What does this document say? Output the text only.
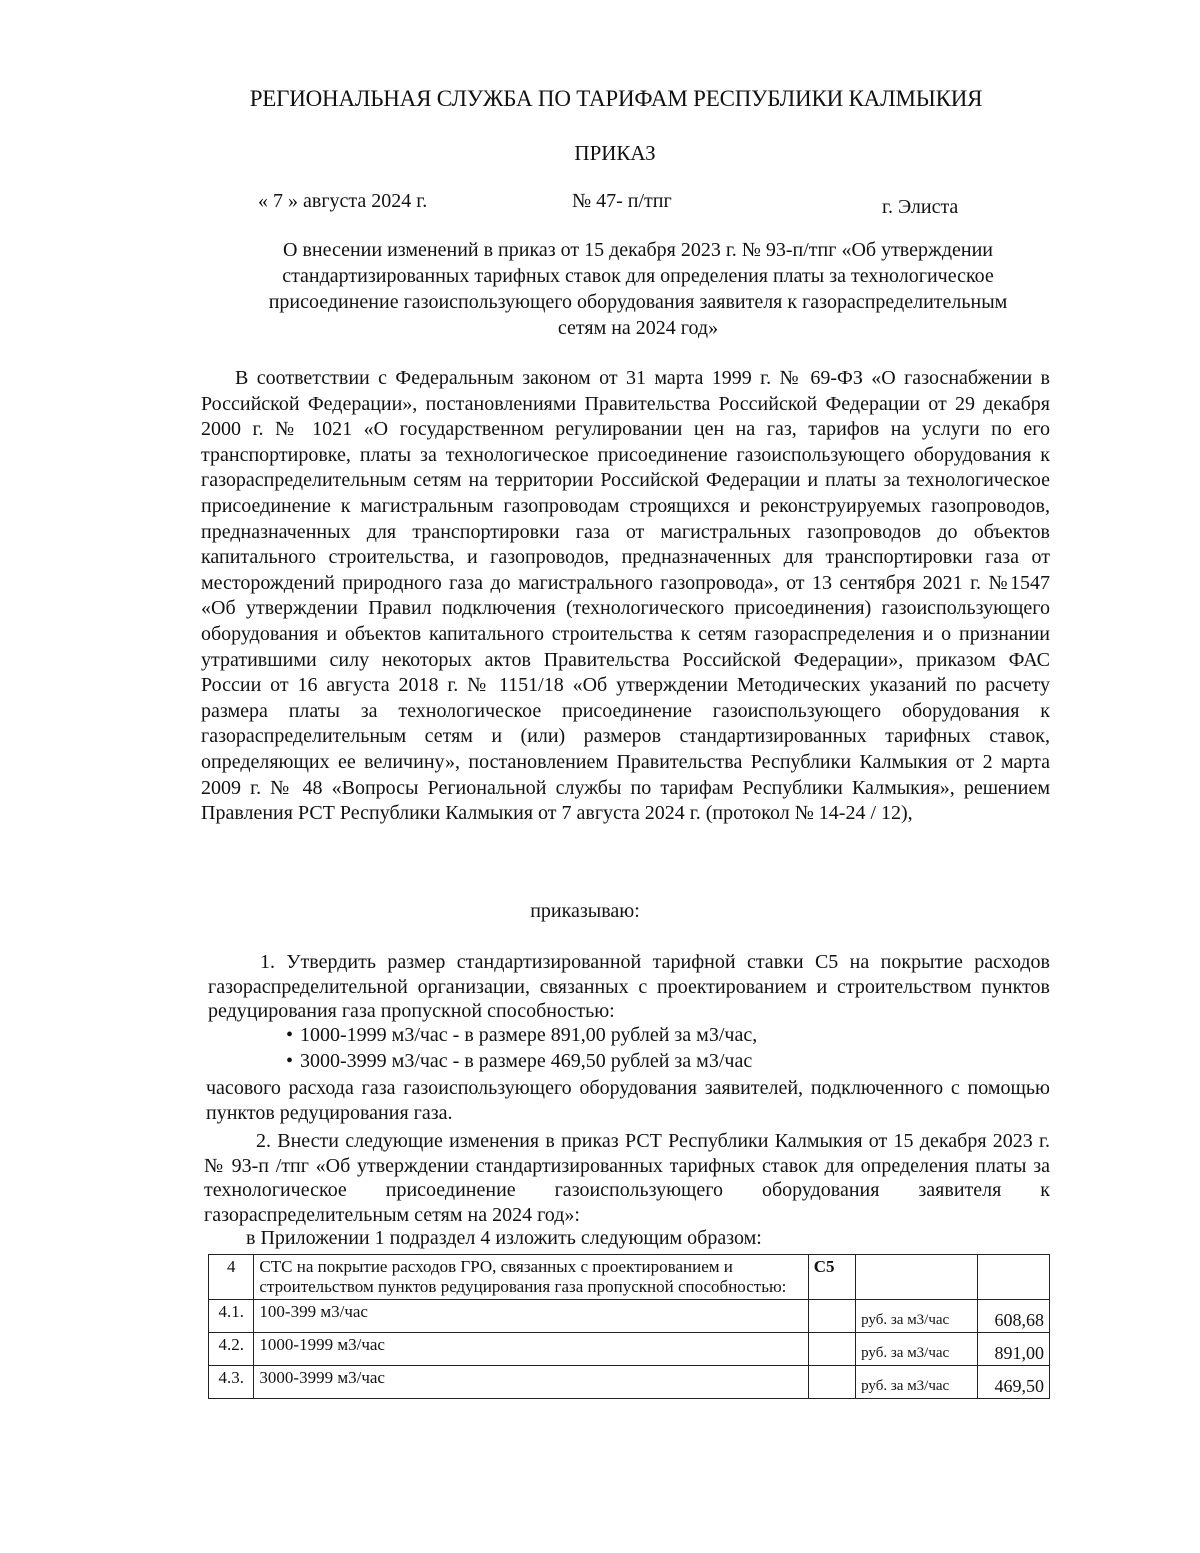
РЕГИОНАЛЬНАЯ СЛУЖБА ПО ТАРИФАМ РЕСПУБЛИКИ КАЛМЫКИЯ
ПРИКАЗ
« 7 » августа 2024 г.	№ 47- п/тпг	г. Элиста
О внесении изменений в приказ от 15 декабря 2023 г. № 93-п/тпг «Об утверждении стандартизированных тарифных ставок для определения платы за технологическое присоединение газоиспользующего оборудования заявителя к газораспределительным сетям на 2024 год»

В соответствии с Федеральным законом от 31 марта 1999 г. № 69-ФЗ «О газоснабжении в Российской Федерации», постановлениями Правительства Российской Федерации от 29 декабря 2000 г. № 1021 «О государственном регулировании цен на газ, тарифов на услуги по его транспортировке, платы за технологическое присоединение газоиспользующего оборудования к газораспределительным сетям на территории Российской Федерации и платы за технологическое присоединение к магистральным газопроводам строящихся и реконструируемых газопроводов, предназначенных для транспортировки газа от магистральных газопроводов до объектов капитального строительства, и газопроводов, предназначенных для транспортировки газа от месторождений природного газа до магистрального газопровода», от 13 сентября 2021 г. №1547 «Об утверждении Правил подключения (технологического присоединения) газоиспользующего оборудования и объектов капитального строительства к сетям газораспределения и о признании утратившими силу некоторых актов Правительства Российской Федерации», приказом ФАС России от 16 августа 2018 г. № 1151/18 «Об утверждении Методических указаний по расчету размера платы за технологическое присоединение газоиспользующего оборудования к газораспределительным сетям и (или) размеров стандартизированных тарифных ставок, определяющих ее величину», постановлением Правительства Республики Калмыкия от 2 марта 2009 г. № 48 «Вопросы Региональной службы по тарифам Республики Калмыкия», решением Правления РСТ Республики Калмыкия от 7 августа 2024 г. (протокол № 14-24 / 12),

приказываю:

1. Утвердить размер стандартизированной тарифной ставки С5 на покрытие расходов газораспределительной организации, связанных с проектированием и строительством пунктов редуцирования газа пропускной способностью:

• 1000-1999 м3/час - в размере 891,00 рублей за м3/час,
• 3000-3999 м3/час - в размере 469,50 рублей за м3/час

часового расхода газа газоиспользующего оборудования заявителей, подключенного с помощью пунктов редуцирования газа.

2. Внести следующие изменения в приказ РСТ Республики Калмыкия от 15 декабря 2023 г. № 93-п /тпг «Об утверждении стандартизированных тарифных ставок для определения платы за технологическое присоединение газоиспользующего оборудования заявителя к газораспределительным сетям на 2024 год»:

в Приложении 1 подраздел 4 изложить следующим образом:
4	СТС на покрытие расходов ГРО, связанных с проектированием и строительством пунктов редуцирования газа пропускной способностью:	С5		
4.1.	100-399 м3/час		руб. за м3/час	608,68
4.2.	1000-1999 м3/час		руб. за м3/час	891,00
4.3.	3000-3999 м3/час		руб. за м3/час	469,50
